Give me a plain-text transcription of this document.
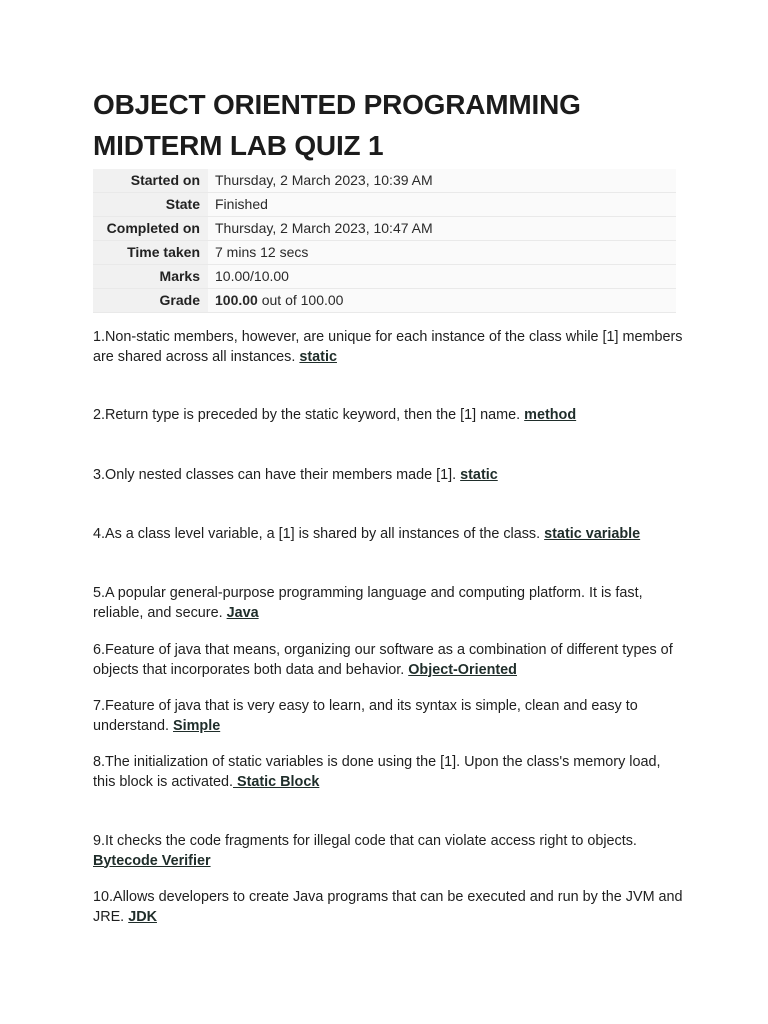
OBJECT ORIENTED PROGRAMMING
MIDTERM LAB QUIZ 1
Started on	Thursday, 2 March 2023, 10:39 AM
State	Finished
Completed on	Thursday, 2 March 2023, 10:47 AM
Time taken	7 mins 12 secs
Marks	10.00/10.00
Grade	100.00 out of 100.00

1.Non-static members, however, are unique for each instance of the class while [1] members are shared across all instances. static

2.Return type is preceded by the static keyword, then the [1] name. method

3.Only nested classes can have their members made [1]. static

4.As a class level variable, a [1] is shared by all instances of the class. static variable

5.A popular general-purpose programming language and computing platform. It is fast, reliable, and secure. Java

6.Feature of java that means, organizing our software as a combination of different types of objects that incorporates both data and behavior. Object-Oriented

7.Feature of java that is very easy to learn, and its syntax is simple, clean and easy to understand. Simple

8.The initialization of static variables is done using the [1]. Upon the class's memory load, this block is activated. Static Block

9.It checks the code fragments for illegal code that can violate access right to objects. Bytecode Verifier

10.Allows developers to create Java programs that can be executed and run by the JVM and JRE. JDK
